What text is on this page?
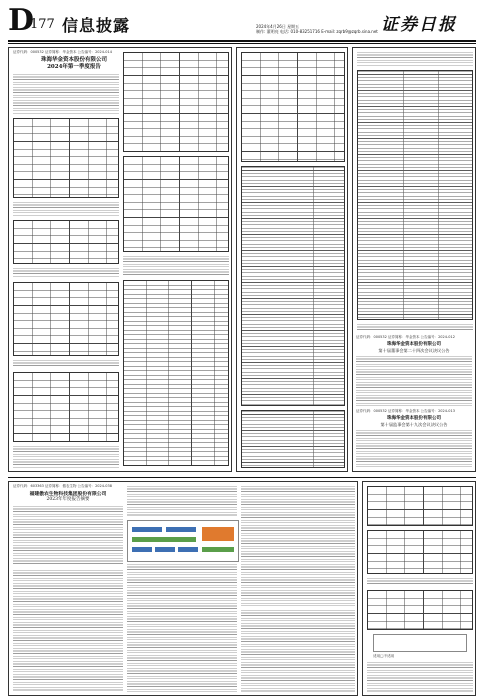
D
177 信息披露	2024年4月26日 星期五
制作: 董明亮 电话: 010-83251716 E-mail: zqrb9@zqrb.sina.net 证券日报
证券代码：000532 证券简称：华金资本 公告编号：2024-014
珠海华金资本股份有限公司
2024年第一季度报告
证券代码：000532 证券简称：华金资本 公告编号：2024-012
珠海华金资本股份有限公司
第十届董事会第二十四次会议决议公告
证券代码：000532 证券简称：华金资本 公告编号：2024-013
珠海华金资本股份有限公司
第十届监事会第十九次会议决议公告
证券代码：603363 证券简称：傲农生物 公告编号：2024-038
福建傲农生物科技集团股份有限公司
2023年年度报告摘要
适用□不适用
